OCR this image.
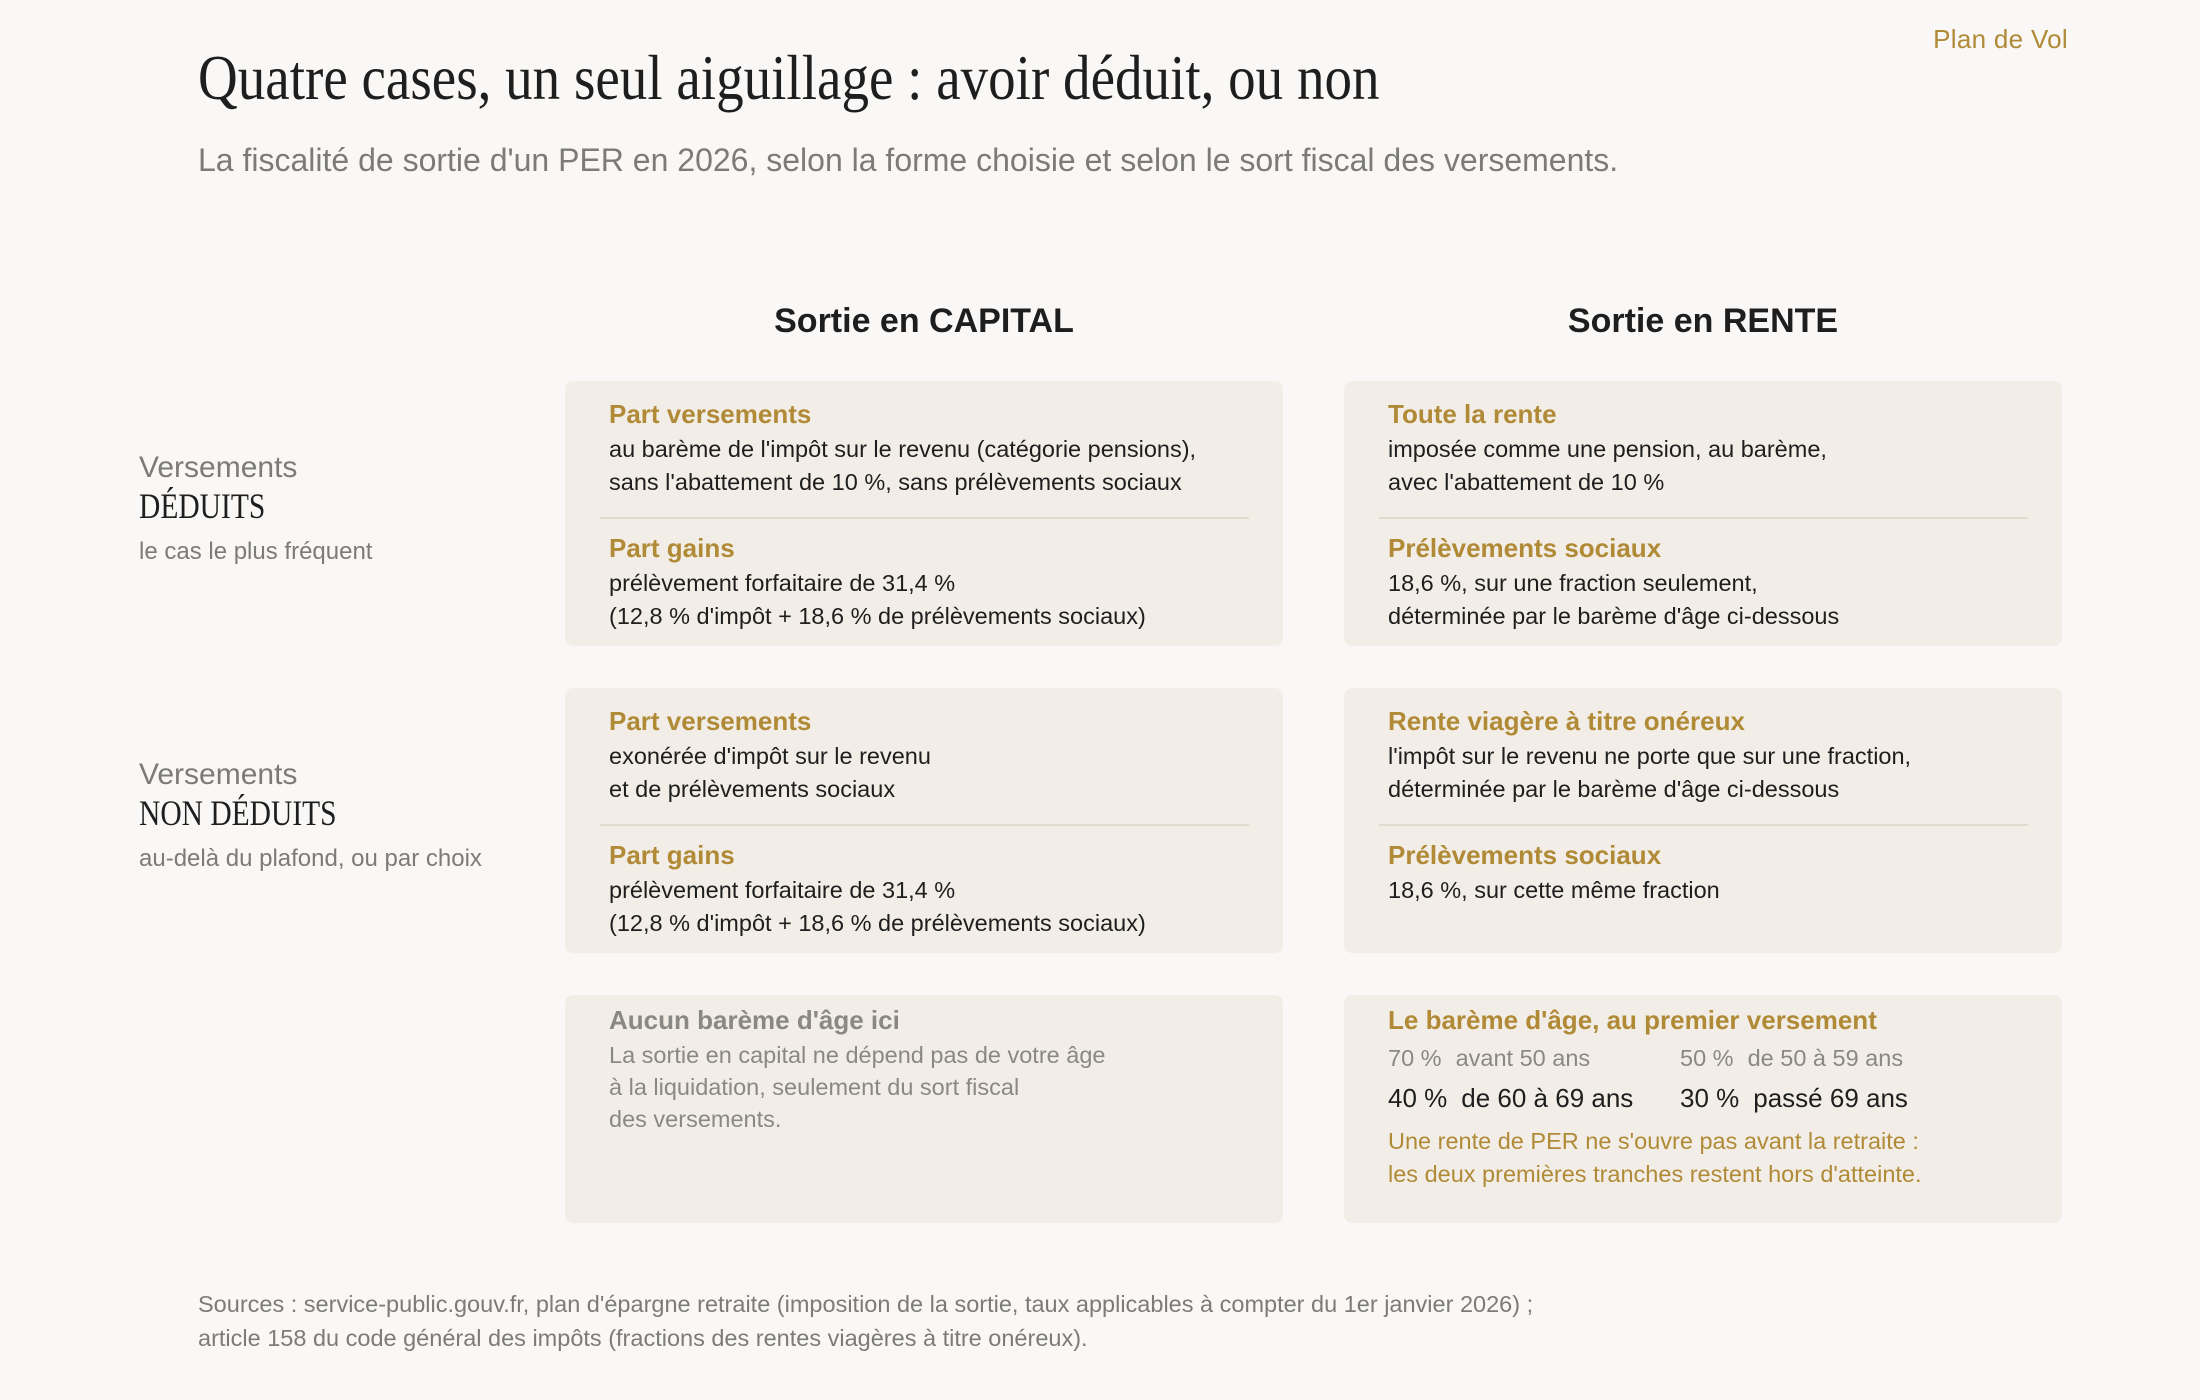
Plan de Vol
Quatre cases, un seul aiguillage : avoir déduit, ou non
La fiscalité de sortie d'un PER en 2026, selon la forme choisie et selon le sort fiscal des versements.
Sortie en CAPITAL	Sortie en RENTE
Versements
DÉDUITS
le cas le plus fréquent
Versements
NON DÉDUITS
au-delà du plafond, ou par choix
Part versements
au barème de l'impôt sur le revenu (catégorie pensions),
sans l'abattement de 10 %, sans prélèvements sociaux
Part gains
prélèvement forfaitaire de 31,4 %
(12,8 % d'impôt + 18,6 % de prélèvements sociaux)
Toute la rente
imposée comme une pension, au barème,
avec l'abattement de 10 %
Prélèvements sociaux
18,6 %, sur une fraction seulement,
déterminée par le barème d'âge ci-dessous
Part versements
exonérée d'impôt sur le revenu
et de prélèvements sociaux
Part gains
prélèvement forfaitaire de 31,4 %
(12,8 % d'impôt + 18,6 % de prélèvements sociaux)
Rente viagère à titre onéreux
l'impôt sur le revenu ne porte que sur une fraction,
déterminée par le barème d'âge ci-dessous
Prélèvements sociaux
18,6 %, sur cette même fraction
Aucun barème d'âge ici
La sortie en capital ne dépend pas de votre âge
à la liquidation, seulement du sort fiscal
des versements.
Le barème d'âge, au premier versement
70 % avant 50 ans	50 % de 50 à 59 ans
40 % de 60 à 69 ans	30 % passé 69 ans
Une rente de PER ne s'ouvre pas avant la retraite :
les deux premières tranches restent hors d'atteinte.
Sources : service-public.gouv.fr, plan d'épargne retraite (imposition de la sortie, taux applicables à compter du 1er janvier 2026) ; article 158 du code général des impôts (fractions des rentes viagères à titre onéreux).
